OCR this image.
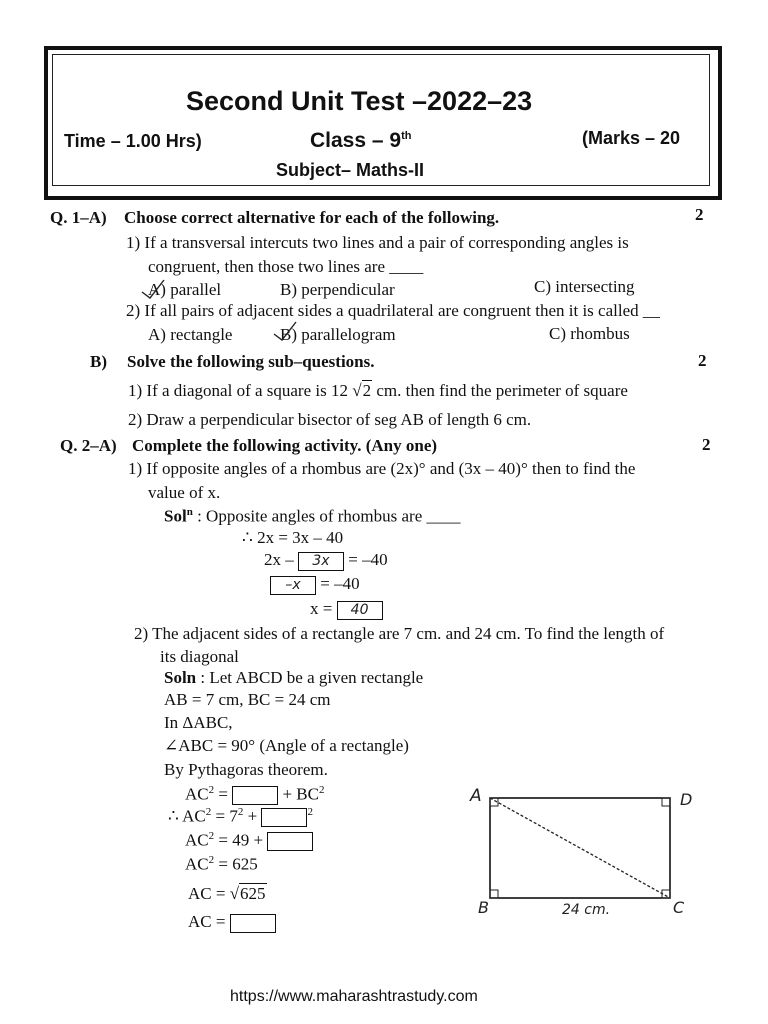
Second Unit Test –2022–23
Time – 1.00 Hrs)	Class – 9th	(Marks – 20
Subject– Maths-II
Q. 1–A) Choose correct alternative for each of the following.	2
1) If a transversal intercuts two lines and a pair of corresponding angles is
congruent, then those two lines are ____
A) parallel	B) perpendicular	C) intersecting
2) If all pairs of adjacent sides a quadrilateral are congruent then it is called __
A) rectangle	B) parallelogram	C) rhombus
B) Solve the following sub–questions.	2
1) If a diagonal of a square is 12 √2 cm. then find the perimeter of square
2) Draw a perpendicular bisector of seg AB of length 6 cm.
Q. 2–A) Complete the following activity. (Any one)	2
1) If opposite angles of a rhombus are (2x)° and (3x – 40)° then to find the
value of x.
Sol$^n$ : Opposite angles of rhombus are ____
∴ 2x = 3x – 40
2x – 3x = –40
–x = –40
x = 40
2) The adjacent sides of a rectangle are 7 cm. and 24 cm. To find the length of
its diagonal
Soln : Let ABCD be a given rectangle
AB = 7 cm, BC = 24 cm
In ΔABC,
∠ABC = 90° (Angle of a rectangle)
By Pythagoras theorem.
$AC^2$ =	+ $BC^2$
∴ $AC^2 = 7^2$ +	$^2$
$AC^2 = 49$ +
$AC^2 = 625$
AC = √625
AC =
A	D
B	C
24 cm.
https://www.maharashtrastudy.com
